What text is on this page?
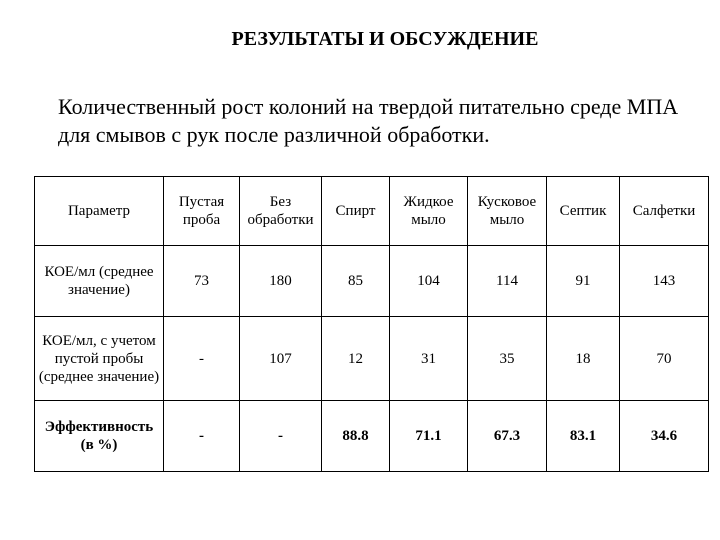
РЕЗУЛЬТАТЫ И ОБСУЖДЕНИЕ

Количественный рост колоний на твердой питательно среде МПА для смывов с рук после различной обработки.

Параметр	Пустая проба	Без обработки	Спирт	Жидкое мыло	Кусковое мыло	Септик	Салфетки
КОЕ/мл (среднее значение)	73	180	85	104	114	91	143
КОЕ/мл, с учетом пустой пробы (среднее значение)	-	107	12	31	35	18	70
Эффективность (в %)	-	-	88.8	71.1	67.3	83.1	34.6
